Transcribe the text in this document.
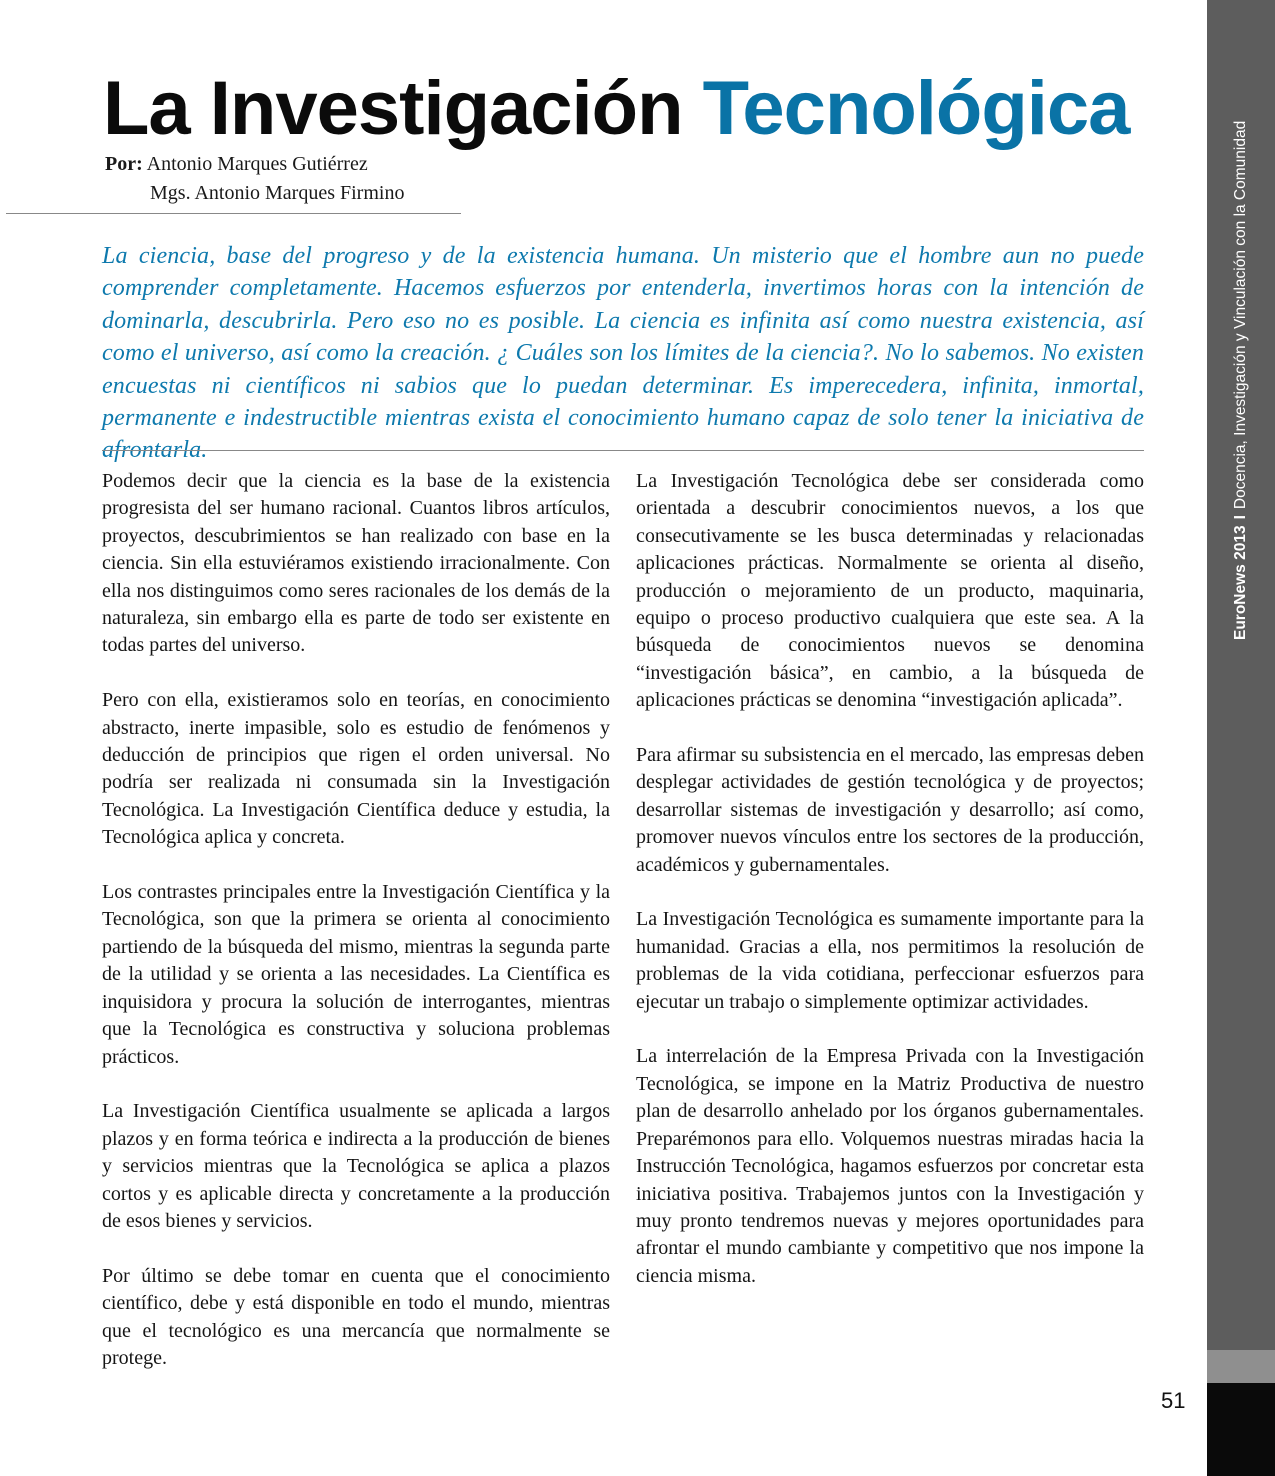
EuroNews 2013IDocencia, Investigación y Vinculación con la Comunidad
La Investigación Tecnológica
Por: Antonio Marques Gutiérrez
Mgs. Antonio Marques Firmino

La ciencia, base del progreso y de la existencia humana. Un misterio que el hombre aun no puede comprender completamente. Hacemos esfuerzos por entenderla, invertimos horas con la intención de dominarla, descubrirla. Pero eso no es posible. La ciencia es infinita así como nuestra existencia, así como el universo, así como la creación. ¿ Cuáles son los límites de la ciencia?. No lo sabemos. No existen encuestas ni científicos ni sabios que lo puedan determinar. Es imperecedera, infinita, inmortal, permanente e indestructible mientras exista el conocimiento humano capaz de solo tener la iniciativa de afrontarla.

Podemos decir que la ciencia es la base de la existencia progresista del ser humano racional. Cuantos libros artículos, proyectos, descubrimientos se han realizado con base en la ciencia. Sin ella estuviéramos existiendo irracionalmente. Con ella nos distinguimos como seres racionales de los demás de la naturaleza, sin embargo ella es parte de todo ser existente en todas partes del universo.

Pero con ella, existieramos solo en teorías, en conocimiento abstracto, inerte impasible, solo es estudio de fenómenos y deducción de principios que rigen el orden universal. No podría ser realizada ni consumada sin la Investigación Tecnológica. La Investigación Científica deduce y estudia, la Tecnológica aplica y concreta.

Los contrastes principales entre la Investigación Científica y la Tecnológica, son que la primera se orienta al conocimiento partiendo de la búsqueda del mismo, mientras la segunda parte de la utilidad y se orienta a las necesidades. La Científica es inquisidora y procura la solución de interrogantes, mientras que la Tecnológica es constructiva y soluciona problemas prácticos.

La Investigación Científica usualmente se aplicada a largos plazos y en forma teórica e indirecta a la producción de bienes y servicios mientras que la Tecnológica se aplica a plazos cortos y es aplicable directa y concretamente a la producción de esos bienes y servicios.

Por último se debe tomar en cuenta que el conocimiento científico, debe y está disponible en todo el mundo, mientras que el tecnológico es una mercancía que normalmente se protege.

La Investigación Tecnológica debe ser considerada como orientada a descubrir conocimientos nuevos, a los que consecutivamente se les busca determinadas y relacionadas aplicaciones prácticas. Normalmente se orienta al diseño, producción o mejoramiento de un producto, maquinaria, equipo o proceso productivo cualquiera que este sea. A la búsqueda de conocimientos nuevos se denomina “investigación básica”, en cambio, a la búsqueda de aplicaciones prácticas se denomina “investigación aplicada”.

Para afirmar su subsistencia en el mercado, las empresas deben desplegar actividades de gestión tecnológica y de proyectos; desarrollar sistemas de investigación y desarrollo; así como, promover nuevos vínculos entre los sectores de la producción, académicos y gubernamentales.

La Investigación Tecnológica es sumamente importante para la humanidad. Gracias a ella, nos permitimos la resolución de problemas de la vida cotidiana, perfeccionar esfuerzos para ejecutar un trabajo o simplemente optimizar actividades.

La interrelación de la Empresa Privada con la Investigación Tecnológica, se impone en la Matriz Productiva de nuestro plan de desarrollo anhelado por los órganos gubernamentales. Preparémonos para ello. Volquemos nuestras miradas hacia la Instrucción Tecnológica, hagamos esfuerzos por concretar esta iniciativa positiva. Trabajemos juntos con la Investigación y muy pronto tendremos nuevas y mejores oportunidades para afrontar el mundo cambiante y competitivo que nos impone la ciencia misma.

51
